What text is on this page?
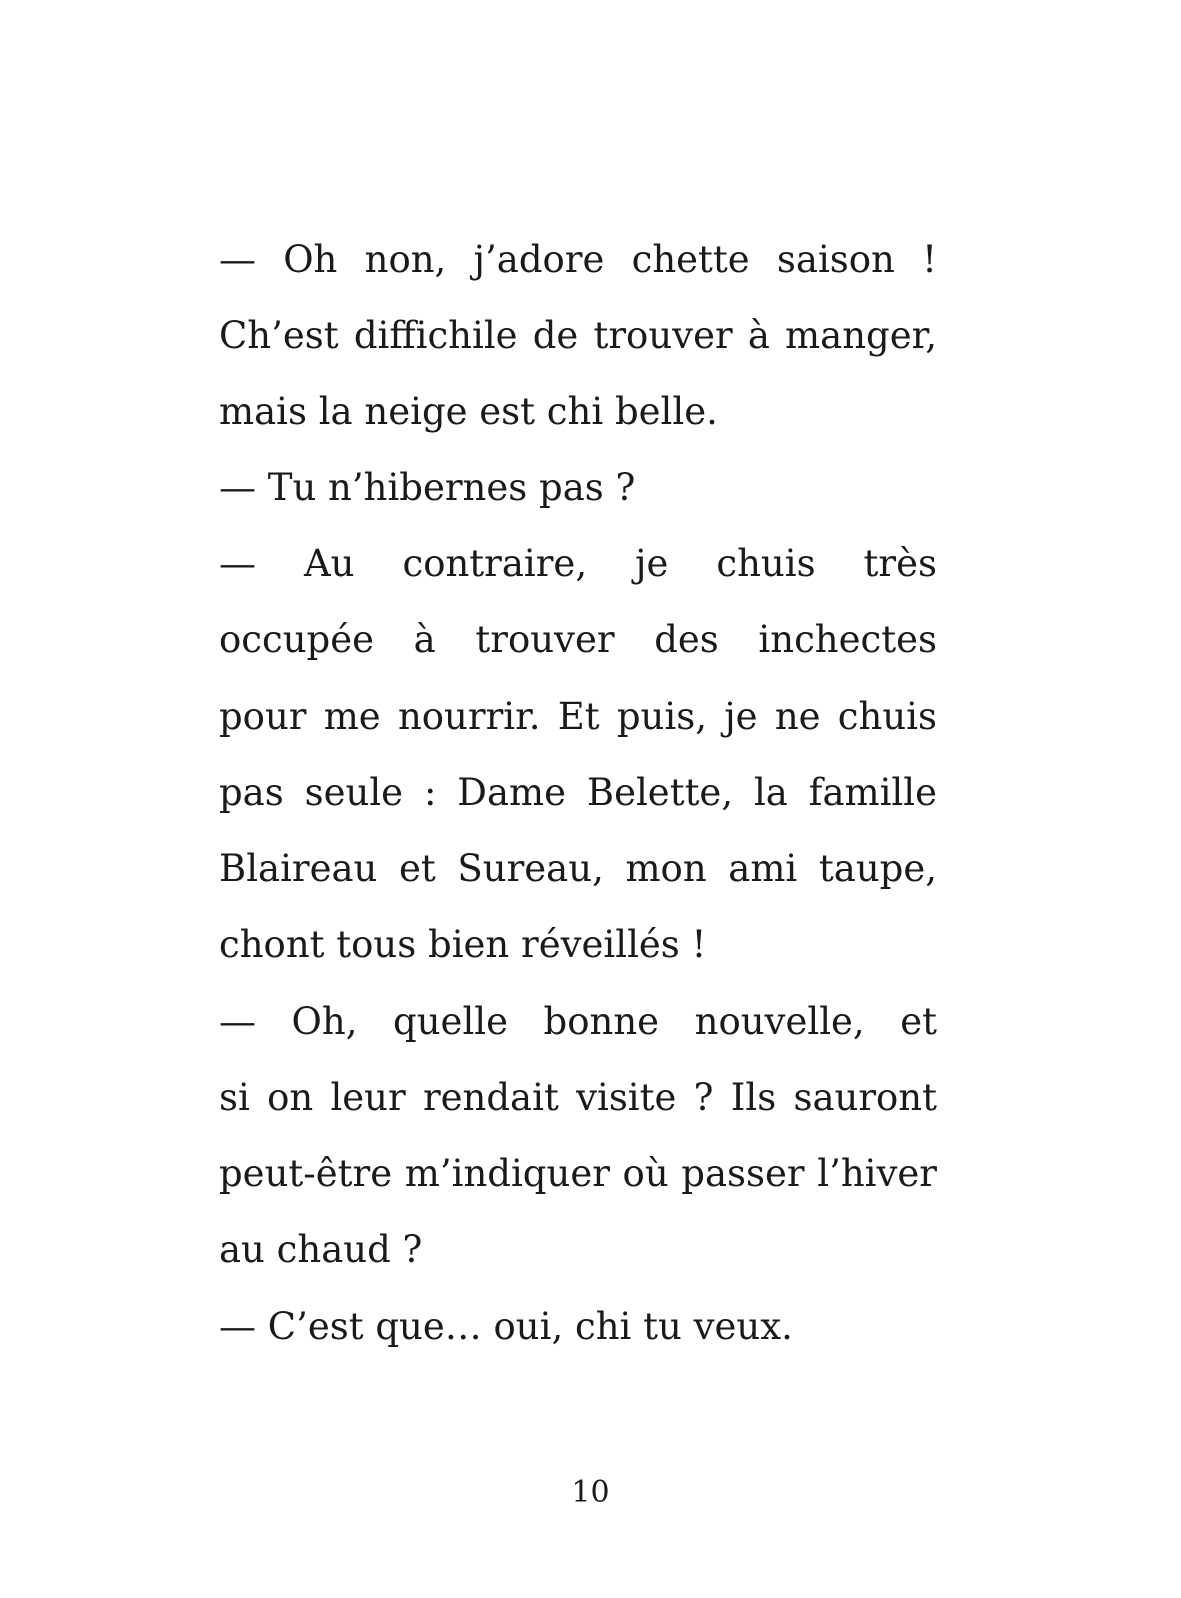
— Oh non, j’adore chette saison !
Ch’est diffichile de trouver à manger,
mais la neige est chi belle.
— Tu n’hibernes pas ?
— Au contraire, je chuis très
occupée à trouver des inchectes
pour me nourrir. Et puis, je ne chuis
pas seule : Dame Belette, la famille
Blaireau et Sureau, mon ami taupe,
chont tous bien réveillés !
— Oh, quelle bonne nouvelle, et
si on leur rendait visite ? Ils sauront
peut-être m’indiquer où passer l’hiver
au chaud ?
— C’est que… oui, chi tu veux.
10
